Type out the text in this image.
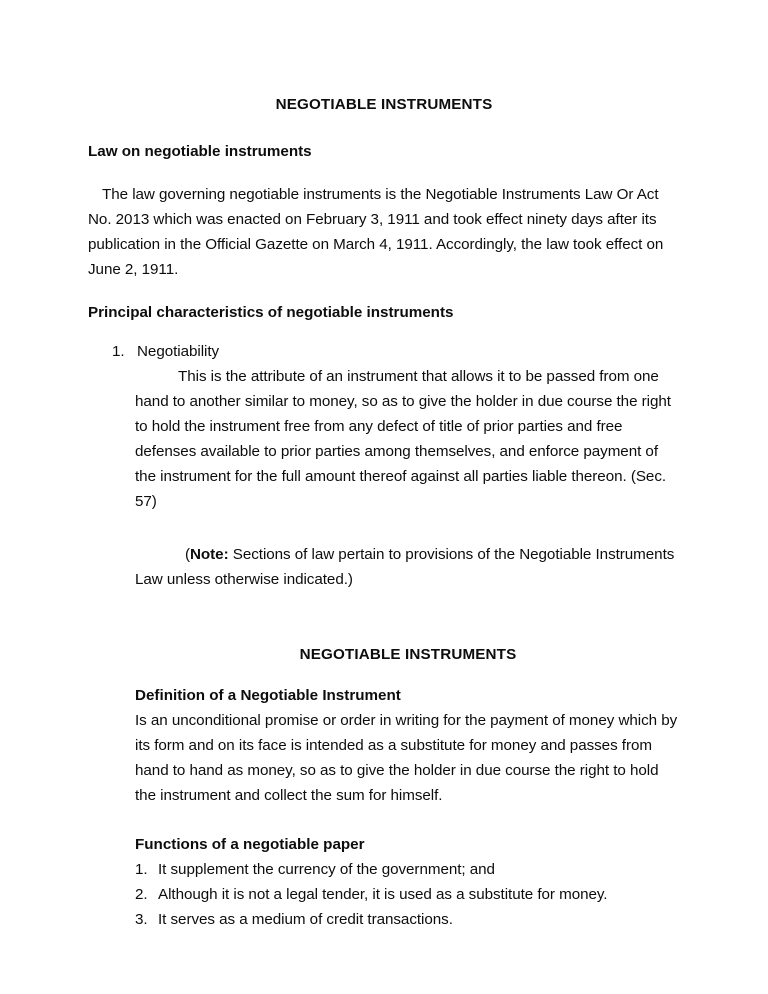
NEGOTIABLE INSTRUMENTS
Law on negotiable instruments
The law governing negotiable instruments is the Negotiable Instruments Law Or Act No. 2013 which was enacted on February 3, 1911 and took effect ninety days after its publication in the Official Gazette on March 4, 1911. Accordingly, the law took effect on June 2, 1911.
Principal characteristics of negotiable instruments
1. Negotiability
This is the attribute of an instrument that allows it to be passed from one hand to another similar to money, so as to give the holder in due course the right to hold the instrument free from any defect of title of prior parties and free defenses available to prior parties among themselves, and enforce payment of the instrument for the full amount thereof against all parties liable thereon. (Sec. 57)
(Note: Sections of law pertain to provisions of the Negotiable Instruments Law unless otherwise indicated.)
NEGOTIABLE INSTRUMENTS
Definition of a Negotiable Instrument
Is an unconditional promise or order in writing for the payment of money which by its form and on its face is intended as a substitute for money and passes from hand to hand as money, so as to give the holder in due course the right to hold the instrument and collect the sum for himself.
Functions of a negotiable paper
1. It supplement the currency of the government; and
2. Although it is not a legal tender, it is used as a substitute for money.
3. It serves as a medium of credit transactions.
